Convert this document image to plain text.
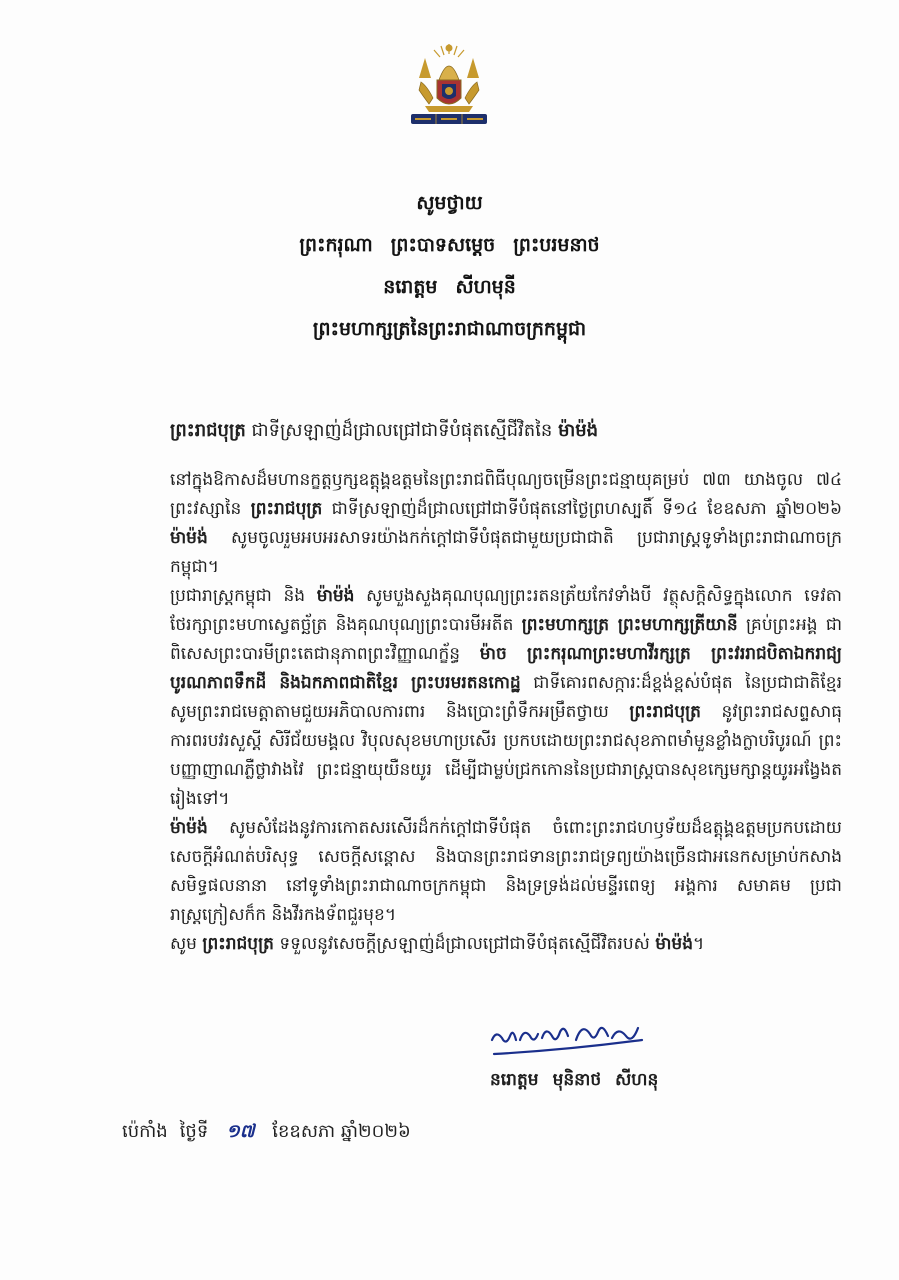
សូមថ្វាយ
ព្រះករុណា ព្រះបាទសម្ដេច ព្រះបរមនាថ
នរោត្តម សីហមុនី
ព្រះមហាក្សត្រនៃព្រះរាជាណាចក្រកម្ពុជា
ព្រះរាជបុត្រ ជាទីស្រឡាញ់ដ៏ជ្រាលជ្រៅជាទីបំផុតស្មើជីវិតនៃ ម៉ាម៉ង់

នៅក្នុងឱកាសដ៏មហានក្ខត្តឫក្សឧត្ដុង្គឧត្តមនៃព្រះរាជពិធីបុណ្យចម្រើនព្រះជន្មាយុគម្រប់ ៧៣ យាងចូល ៧៤ ព្រះវស្សានៃ ព្រះរាជបុត្រ ជាទីស្រឡាញ់ដ៏ជ្រាលជ្រៅជាទីបំផុតនៅថ្ងៃព្រហស្បតិ៍ ទី១៤ ខែឧសភា ឆ្នាំ២០២៦ ម៉ាម៉ង់ សូមចូលរួមអបអរសាទរយ៉ាងកក់ក្ដៅជាទីបំផុតជាមួយប្រជាជាតិ ប្រជារាស្ត្រទូទាំងព្រះរាជាណាចក្រកម្ពុជា។

ប្រជារាស្ត្រកម្ពុជា និង ម៉ាម៉ង់ សូមបួងសួងគុណបុណ្យព្រះរតនត្រ័យកែវទាំងបី វត្ថុសក្តិសិទ្ធក្នុងលោក ទេវតាថែរក្សាព្រះមហាស្វេតច្ឆ័ត្រ និងគុណបុណ្យព្រះបារមីអតីត ព្រះមហាក្សត្រ ព្រះមហាក្សត្រីយានី គ្រប់ព្រះអង្គ ជាពិសេសព្រះបារមីព្រះតេជានុភាពព្រះវិញ្ញាណក្ខ័ន្ធ ម៉ាច ព្រះករុណាព្រះមហាវីរក្សត្រ ព្រះវររាជបិតាឯករាជ្យ បូរណភាពទឹកដី និងឯកភាពជាតិខ្មែរ ព្រះបរមរតនកោដ្ឋ ជាទីគោរពសក្ការៈដ៏ខ្ពង់ខ្ពស់បំផុត នៃប្រជាជាតិខ្មែរ សូមព្រះរាជមេត្តាតាមជួយអភិបាលការពារ និងប្រោះព្រំទឹកអម្រឹតថ្វាយ ព្រះរាជបុត្រ នូវព្រះរាជសព្ទសាធុការពរបវរសួស្តី សិរីជ័យមង្គល វិបុលសុខមហាប្រសើរ ប្រកបដោយព្រះរាជសុខភាពមាំមួនខ្លាំងក្លាបរិបូរណ៍ ព្រះបញ្ញាញាណភ្លឺថ្លាវាងវៃ ព្រះជន្មាយុយឺនយូរ ដើម្បីជាម្លប់ជ្រកកោននៃប្រជារាស្ត្របានសុខក្សេមក្សាន្តយូរអង្វែងតរៀងទៅ។

ម៉ាម៉ង់ សូមសំដែងនូវការកោតសរសើរដ៏កក់ក្ដៅជាទីបំផុត ចំពោះព្រះរាជហឫទ័យដ៏ឧត្តុង្គឧត្ដមប្រកបដោយសេចក្ដីអំណត់បរិសុទ្ធ សេចក្ដីសន្ដោស និងបានព្រះរាជទានព្រះរាជទ្រព្យយ៉ាងច្រើនជាអនេកសម្រាប់កសាងសមិទ្ធផលនានា នៅទូទាំងព្រះរាជាណាចក្រកម្ពុជា និងទ្រទ្រង់ដល់មន្ទីរពេទ្យ អង្គការ សមាគម ប្រជារាស្ត្រក្រៀសក៏ក និងវីរកងទ័ពជួរមុខ។

សូម ព្រះរាជបុត្រ ទទួលនូវសេចក្ដីស្រឡាញ់ដ៏ជ្រាលជ្រៅជាទីបំផុតស្មើជីវិតរបស់ ម៉ាម៉ង់។

នរោត្តម មុនិនាថ សីហនុ
ប៉េកាំង ថ្ងៃទី ១៧ ខែឧសភា ឆ្នាំ២០២៦
